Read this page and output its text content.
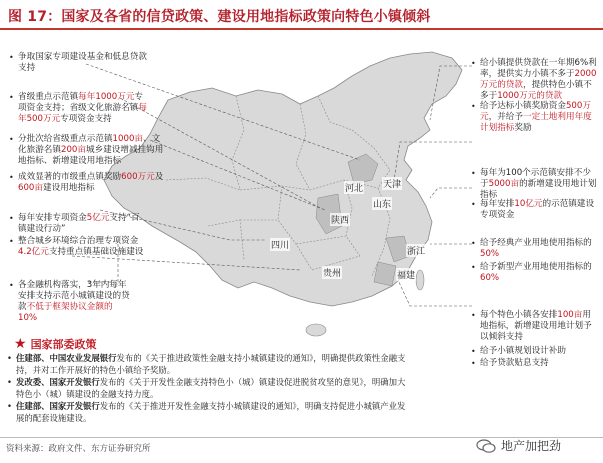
图 17：国家及各省的信贷政策、建设用地指标政策向特色小镇倾斜
河北 天津
山东
陕西
四川
贵州
浙江
福建
• 争取国家专项建设基金和低息贷款支持
• 省级重点示范镇每年1000万元专项资金支持；省级文化旅游名镇每年500万元专项资金支持
• 分批次给省级重点示范镇1000亩、文化旅游名镇200亩城乡建设增减挂钩用地指标、新增建设用地指标
• 成效显著的市级重点镇奖励600万元及600亩建设用地指标
• 每年安排专项资金5亿元支持“百镇建设行动”
• 整合城乡环境综合治理专项资金4.2亿元支持重点镇基础设施建设
• 各金融机构落实，3年内每年安排支持示范小城镇建设的贷款不低于框架协议金额的10%
• 给小镇提供贷款在一年期6%利率，提供实力小镇不多于2000万元的贷款，提供特色小镇不多于1000万元的贷款
• 给予达标小镇奖励资金500万元，并给予一定土地利用年度计划指标奖励
• 每年为100个示范镇安排不少于5000亩的新增建设用地计划指标
• 每年安排10亿元的示范镇建设专项资金
• 给予经典产业用地使用指标的50%
• 给予新型产业用地使用指标的60%
• 每个特色小镇各安排100亩用地指标，新增建设用地计划予以倾斜支持
• 给予小镇规划设计补助
• 给予贷款贴息支持
★ 国家部委政策
• 住建部、中国农业发展银行发布的《关于推进政策性金融支持小城镇建设的通知》，明确提供政策性金融支持，并对工作开展好的特色小镇给予奖励。
• 发改委、国家开发银行发布的《关于开发性金融支持特色小（城）镇建设促进脱贫攻坚的意见》，明确加大特色小（城）镇建设的金融支持力度。
• 住建部、国家开发银行发布的《关于推进开发性金融支持小城镇建设的通知》，明确支持促进小城镇产业发展的配套设施建设。
资料来源：政府文件、东方证券研究所	地产加把劲
